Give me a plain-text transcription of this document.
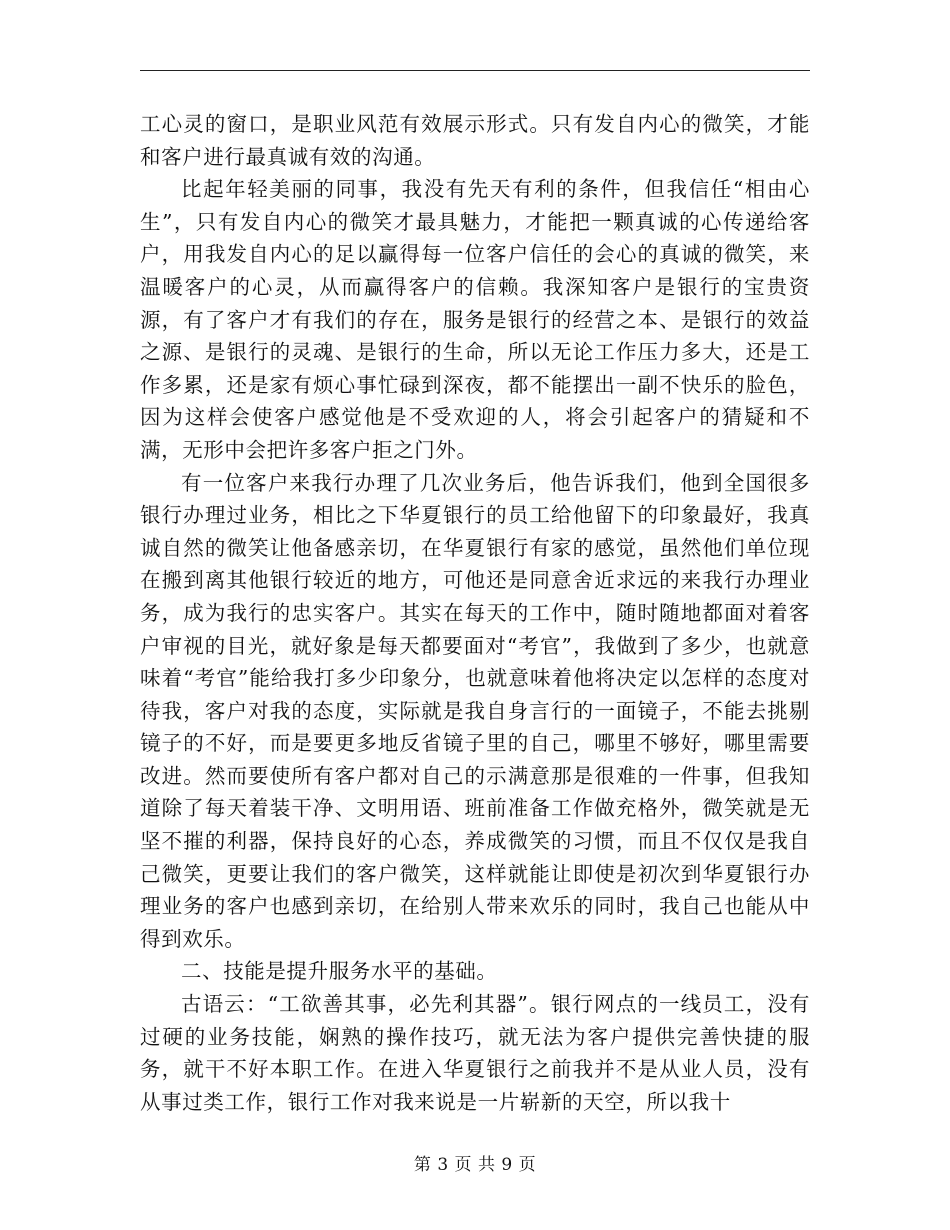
工心灵的窗口，是职业风范有效展示形式。只有发自内心的微笑，才能和客户进行最真诚有效的沟通。

比起年轻美丽的同事，我没有先天有利的条件，但我信任“相由心生”，只有发自内心的微笑才最具魅力，才能把一颗真诚的心传递给客户，用我发自内心的足以赢得每一位客户信任的会心的真诚的微笑，来温暖客户的心灵，从而赢得客户的信赖。我深知客户是银行的宝贵资源，有了客户才有我们的存在，服务是银行的经营之本、是银行的效益之源、是银行的灵魂、是银行的生命，所以无论工作压力多大，还是工作多累，还是家有烦心事忙碌到深夜，都不能摆出一副不快乐的脸色，因为这样会使客户感觉他是不受欢迎的人，将会引起客户的猜疑和不满，无形中会把许多客户拒之门外。

有一位客户来我行办理了几次业务后，他告诉我们，他到全国很多银行办理过业务，相比之下华夏银行的员工给他留下的印象最好，我真诚自然的微笑让他备感亲切，在华夏银行有家的感觉，虽然他们单位现在搬到离其他银行较近的地方，可他还是同意舍近求远的来我行办理业务，成为我行的忠实客户。其实在每天的工作中，随时随地都面对着客户审视的目光，就好象是每天都要面对“考官”，我做到了多少，也就意味着“考官”能给我打多少印象分，也就意味着他将决定以怎样的态度对待我，客户对我的态度，实际就是我自身言行的一面镜子，不能去挑剔镜子的不好，而是要更多地反省镜子里的自己，哪里不够好，哪里需要改进。然而要使所有客户都对自己的示满意那是很难的一件事，但我知道除了每天着装干净、文明用语、班前准备工作做充格外，微笑就是无坚不摧的利器，保持良好的心态，养成微笑的习惯，而且不仅仅是我自己微笑，更要让我们的客户微笑，这样就能让即使是初次到华夏银行办理业务的客户也感到亲切，在给别人带来欢乐的同时，我自己也能从中得到欢乐。

二、技能是提升服务水平的基础。

古语云：“工欲善其事，必先利其器”。银行网点的一线员工，没有过硬的业务技能，娴熟的操作技巧，就无法为客户提供完善快捷的服务，就干不好本职工作。在进入华夏银行之前我并不是从业人员，没有从事过类工作，银行工作对我来说是一片崭新的天空，所以我十

第 3 页 共 9 页
